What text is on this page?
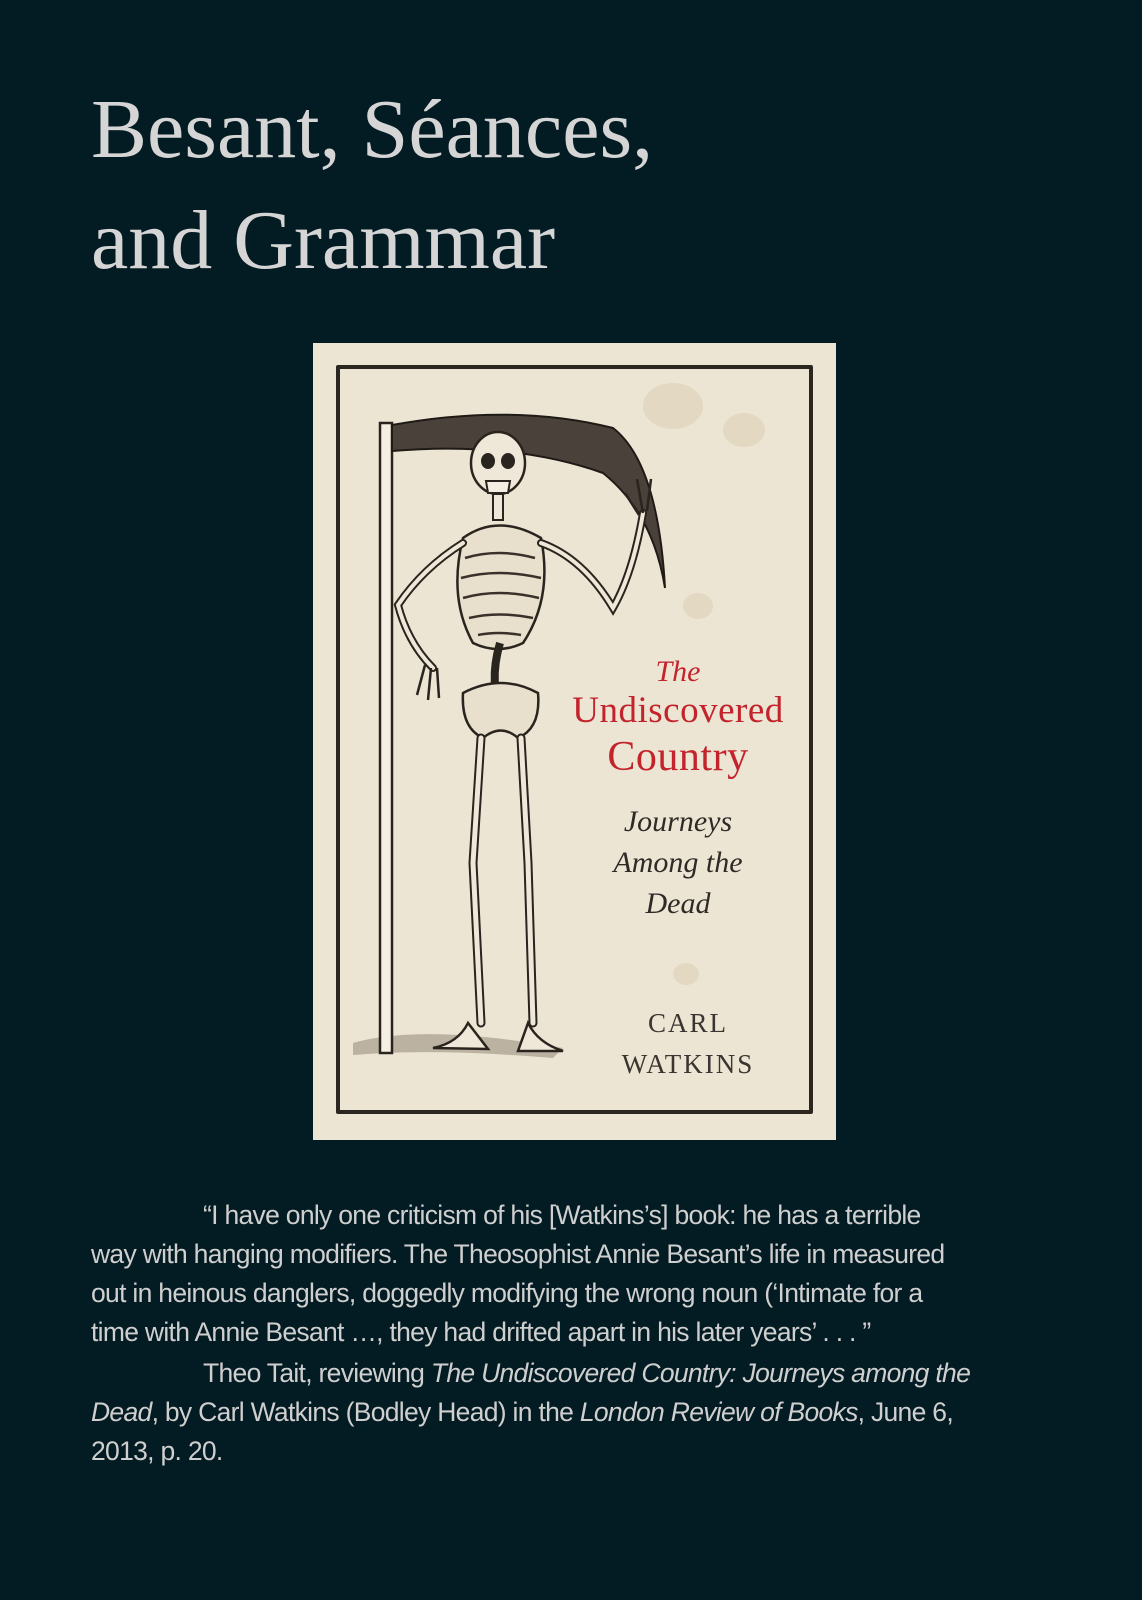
Besant, Séances,
and Grammar
The
Undiscovered
Country
Journeys
Among the
Dead
CARL
WATKINS
“I have only one criticism of his [Watkins’s] book: he has a terrible
way with hanging modifiers. The Theosophist Annie Besant’s life in measured
out in heinous danglers, doggedly modifying the wrong noun (‘Intimate for a
time with Annie Besant …, they had drifted apart in his later years’ . . . ”
Theo Tait, reviewing The Undiscovered Country: Journeys among the
Dead, by Carl Watkins (Bodley Head) in the London Review of Books, June 6,
2013, p. 20.
